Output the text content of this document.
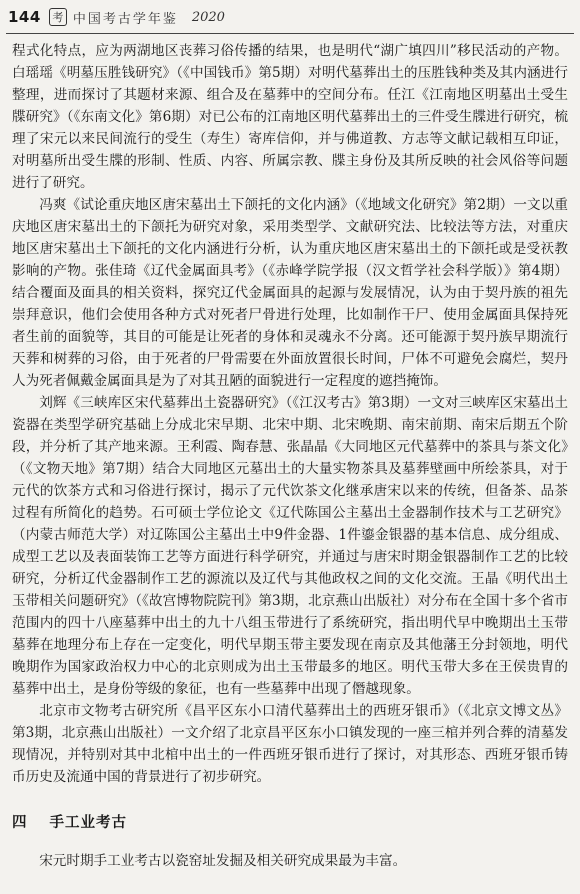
144 考 中国考古学年鉴 2020

程式化特点，应为两湖地区丧葬习俗传播的结果，也是明代“湖广填四川”移民活动的产物。白瑶瑶《明墓压胜钱研究》（《中国钱币》第5期）对明代墓葬出土的压胜钱种类及其内涵进行整理，进而探讨了其题材来源、组合及在墓葬中的空间分布。任江《江南地区明墓出土受生牒研究》（《东南文化》第6期）对已公布的江南地区明代墓葬出土的三件受生牒进行研究，梳理了宋元以来民间流行的受生（寿生）寄库信仰，并与佛道教、方志等文献记载相互印证，对明墓所出受生牒的形制、性质、内容、所属宗教、牒主身份及其所反映的社会风俗等问题进行了研究。

冯爽《试论重庆地区唐宋墓出土下颌托的文化内涵》（《地域文化研究》第2期）一文以重庆地区唐宋墓出土的下颌托为研究对象，采用类型学、文献研究法、比较法等方法，对重庆地区唐宋墓出土下颌托的文化内涵进行分析，认为重庆地区唐宋墓出土的下颌托或是受祆教影响的产物。张佳琦《辽代金属面具考》（《赤峰学院学报（汉文哲学社会科学版）》第4期）结合覆面及面具的相关资料，探究辽代金属面具的起源与发展情况，认为由于契丹族的祖先崇拜意识，他们会使用各种方式对死者尸骨进行处理，比如制作干尸、使用金属面具保持死者生前的面貌等，其目的可能是让死者的身体和灵魂永不分离。还可能源于契丹族早期流行天葬和树葬的习俗，由于死者的尸骨需要在外面放置很长时间，尸体不可避免会腐烂，契丹人为死者佩戴金属面具是为了对其丑陋的面貌进行一定程度的遮挡掩饰。

刘辉《三峡库区宋代墓葬出土瓷器研究》（《江汉考古》第3期）一文对三峡库区宋墓出土瓷器在类型学研究基础上分成北宋早期、北宋中期、北宋晚期、南宋前期、南宋后期五个阶段，并分析了其产地来源。王利霞、陶春慧、张晶晶《大同地区元代墓葬中的茶具与茶文化》（《文物天地》第7期）结合大同地区元墓出土的大量实物茶具及墓葬壁画中所绘茶具，对于元代的饮茶方式和习俗进行探讨，揭示了元代饮茶文化继承唐宋以来的传统，但备茶、品茶过程有所简化的趋势。石可硕士学位论文《辽代陈国公主墓出土金器制作技术与工艺研究》（内蒙古师范大学）对辽陈国公主墓出土中9件金器、1件鎏金银器的基本信息、成分组成、成型工艺以及表面装饰工艺等方面进行科学研究，并通过与唐宋时期金银器制作工艺的比较研究，分析辽代金器制作工艺的源流以及辽代与其他政权之间的文化交流。王晶《明代出土玉带相关问题研究》（《故宫博物院院刊》第3期，北京燕山出版社）对分布在全国十多个省市范围内的四十八座墓葬中出土的九十八组玉带进行了系统研究，指出明代早中晚期出土玉带墓葬在地理分布上存在一定变化，明代早期玉带主要发现在南京及其他藩王分封领地，明代晚期作为国家政治权力中心的北京则成为出土玉带最多的地区。明代玉带大多在王侯贵胄的墓葬中出土，是身份等级的象征，也有一些墓葬中出现了僭越现象。

北京市文物考古研究所《昌平区东小口清代墓葬出土的西班牙银币》（《北京文博文丛》第3期，北京燕山出版社）一文介绍了北京昌平区东小口镇发现的一座三棺并列合葬的清墓发现情况，并特别对其中北棺中出土的一件西班牙银币进行了探讨，对其形态、西班牙银币铸币历史及流通中国的背景进行了初步研究。

四 手工业考古

宋元时期手工业考古以瓷窑址发掘及相关研究成果最为丰富。
